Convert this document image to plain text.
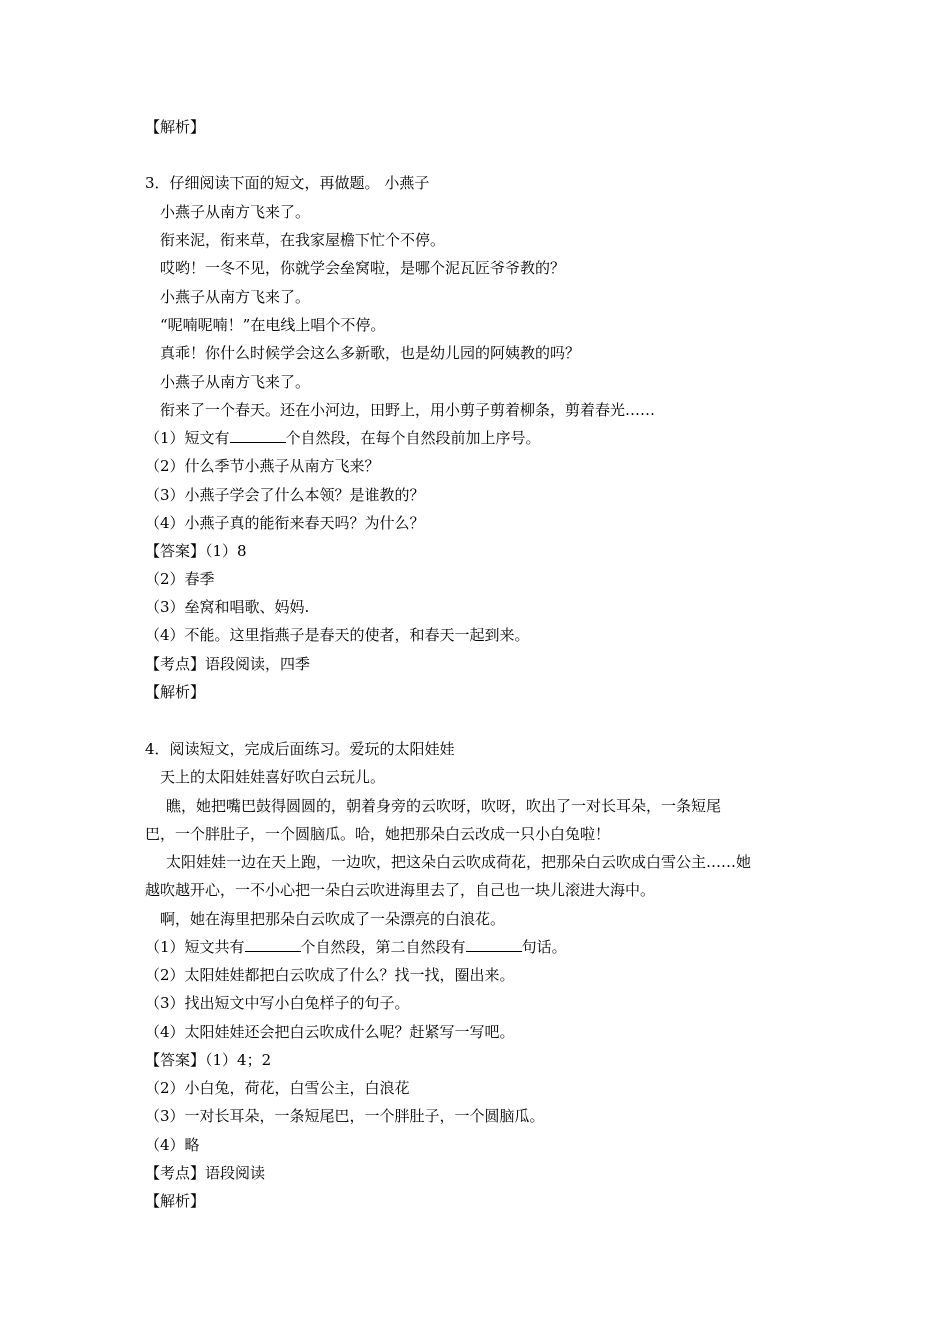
【解析】
3．仔细阅读下面的短文，再做题。 小燕子
小燕子从南方飞来了。
衔来泥，衔来草，在我家屋檐下忙个不停。
哎哟！一冬不见，你就学会垒窝啦，是哪个泥瓦匠爷爷教的？
小燕子从南方飞来了。
“呢喃呢喃！”在电线上唱个不停。
真乖！你什么时候学会这么多新歌，也是幼儿园的阿姨教的吗？
小燕子从南方飞来了。
衔来了一个春天。还在小河边，田野上，用小剪子剪着柳条，剪着春光……
（1）短文有	个自然段，在每个自然段前加上序号。
（2）什么季节小燕子从南方飞来？
（3）小燕子学会了什么本领？是谁教的？
（4）小燕子真的能衔来春天吗？为什么？
【答案】（1）8
（2）春季
（3）垒窝和唱歌、妈妈.
（4）不能。这里指燕子是春天的使者，和春天一起到来。
【考点】语段阅读，四季
【解析】
4．阅读短文，完成后面练习。爱玩的太阳娃娃
天上的太阳娃娃喜好吹白云玩儿。
瞧，她把嘴巴鼓得圆圆的，朝着身旁的云吹呀，吹呀，吹出了一对长耳朵，一条短尾
巴，一个胖肚子，一个圆脑瓜。哈，她把那朵白云改成一只小白兔啦！
太阳娃娃一边在天上跑，一边吹，把这朵白云吹成荷花，把那朵白云吹成白雪公主……她
越吹越开心，一不小心把一朵白云吹进海里去了，自己也一块儿滚进大海中。
啊，她在海里把那朵白云吹成了一朵漂亮的白浪花。
（1）短文共有	个自然段，第二自然段有	句话。
（2）太阳娃娃都把白云吹成了什么？找一找，圈出来。
（3）找出短文中写小白兔样子的句子。
（4）太阳娃娃还会把白云吹成什么呢？赶紧写一写吧。
【答案】（1）4；2
（2）小白兔，荷花，白雪公主，白浪花
（3）一对长耳朵，一条短尾巴，一个胖肚子，一个圆脑瓜。
（4）略
【考点】语段阅读
【解析】
